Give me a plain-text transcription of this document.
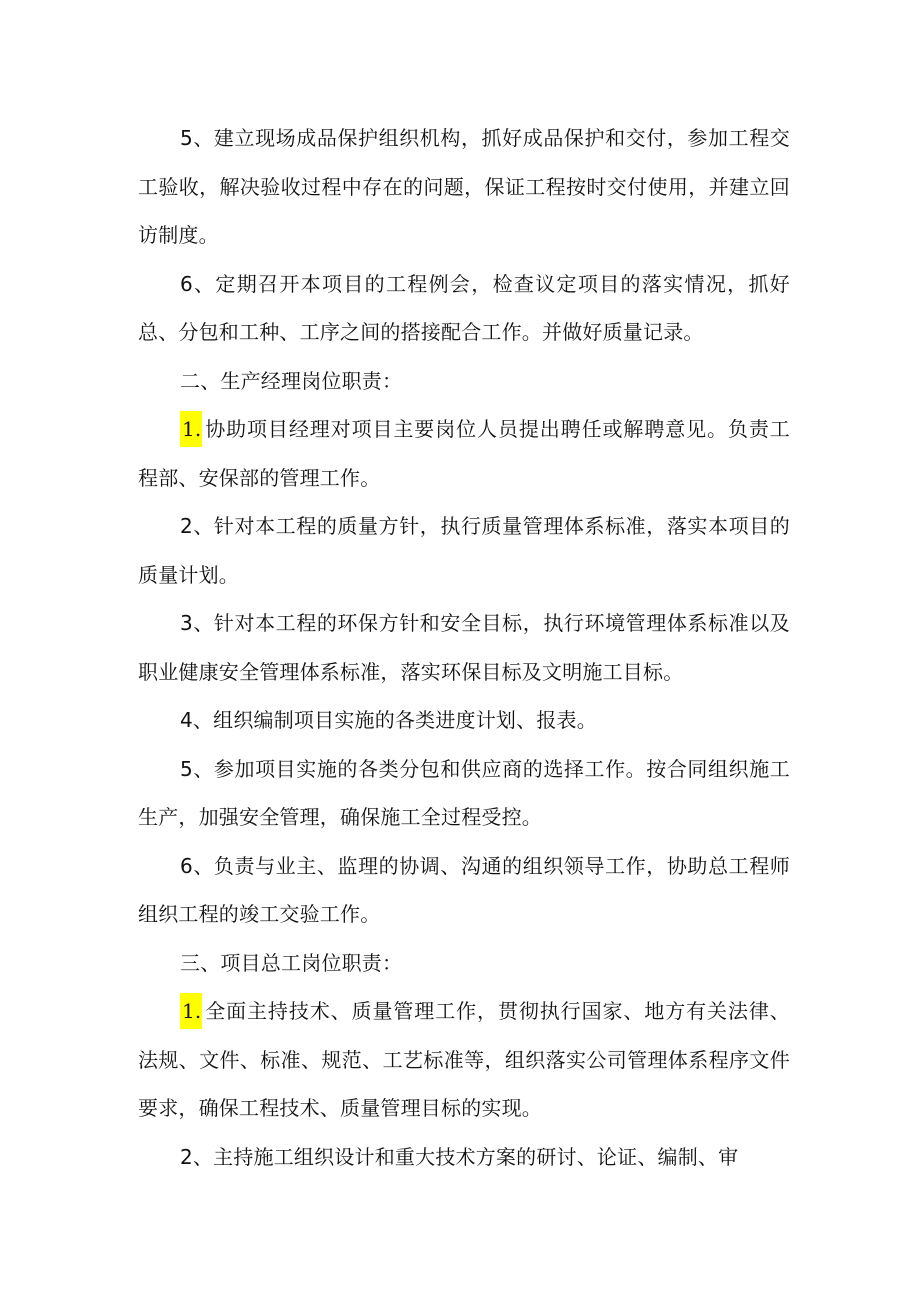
5、建立现场成品保护组织机构，抓好成品保护和交付，参加工程交工验收，解决验收过程中存在的问题，保证工程按时交付使用，并建立回访制度。

6、定期召开本项目的工程例会，检查议定项目的落实情况，抓好总、分包和工种、工序之间的搭接配合工作。并做好质量记录。

二、生产经理岗位职责：

1. 协助项目经理对项目主要岗位人员提出聘任或解聘意见。负责工程部、安保部的管理工作。

2、针对本工程的质量方针，执行质量管理体系标准，落实本项目的质量计划。

3、针对本工程的环保方针和安全目标，执行环境管理体系标准以及职业健康安全管理体系标准，落实环保目标及文明施工目标。

4、组织编制项目实施的各类进度计划、报表。

5、参加项目实施的各类分包和供应商的选择工作。按合同组织施工生产，加强安全管理，确保施工全过程受控。

6、负责与业主、监理的协调、沟通的组织领导工作，协助总工程师组织工程的竣工交验工作。

三、项目总工岗位职责：

1. 全面主持技术、质量管理工作，贯彻执行国家、地方有关法律、法规、文件、标准、规范、工艺标准等，组织落实公司管理体系程序文件要求，确保工程技术、质量管理目标的实现。

2、主持施工组织设计和重大技术方案的研讨、论证、编制、审
